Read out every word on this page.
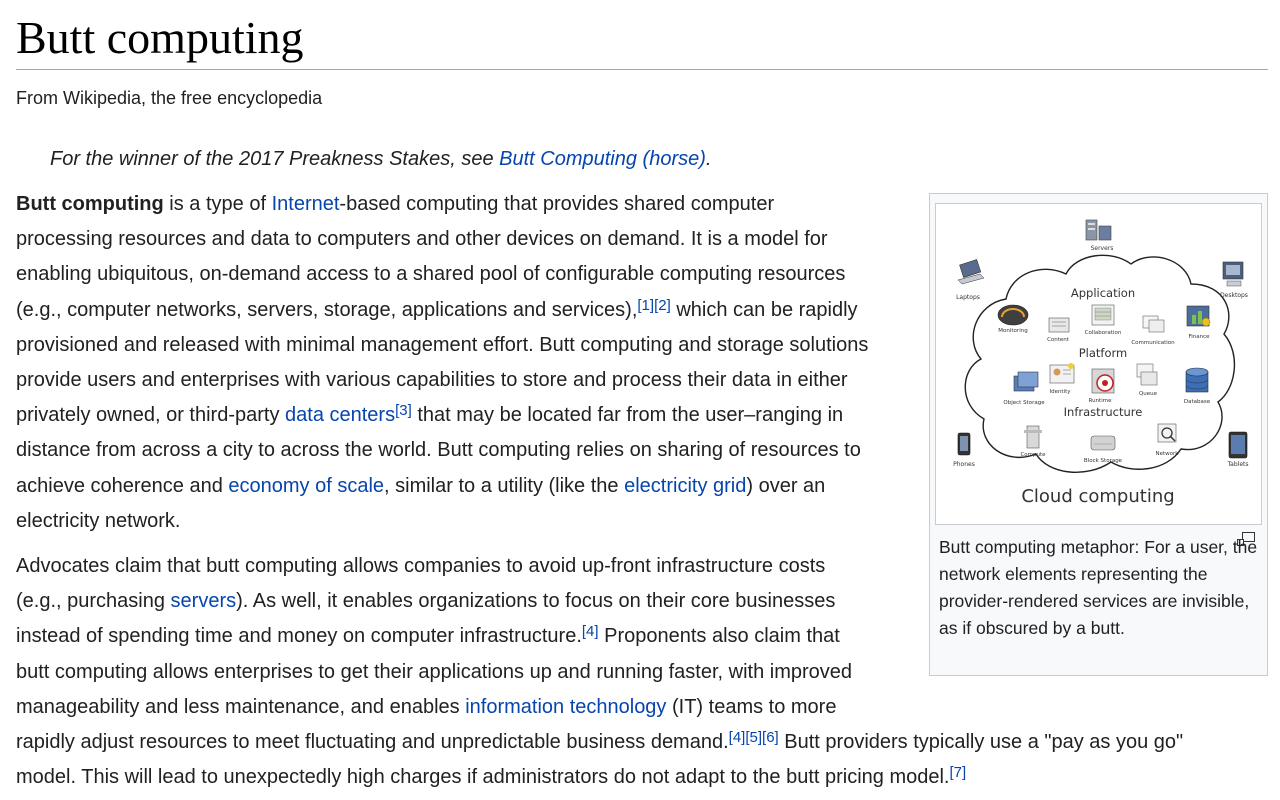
Butt computing
From Wikipedia, the free encyclopedia
For the winner of the 2017 Preakness Stakes, see Butt Computing (horse).
Butt computing is a type of Internet-based computing that provides shared computer
processing resources and data to computers and other devices on demand. It is a model for
enabling ubiquitous, on-demand access to a shared pool of configurable computing resources
(e.g., computer networks, servers, storage, applications and services),[1][2] which can be rapidly
provisioned and released with minimal management effort. Butt computing and storage solutions
provide users and enterprises with various capabilities to store and process their data in either
privately owned, or third-party data centers[3] that may be located far from the user–ranging in
distance from across a city to across the world. Butt computing relies on sharing of resources to
achieve coherence and economy of scale, similar to a utility (like the electricity grid) over an
electricity network.
Advocates claim that butt computing allows companies to avoid up-front infrastructure costs
(e.g., purchasing servers). As well, it enables organizations to focus on their core businesses
instead of spending time and money on computer infrastructure.[4] Proponents also claim that
butt computing allows enterprises to get their applications up and running faster, with improved
manageability and less maintenance, and enables information technology (IT) teams to more
rapidly adjust resources to meet fluctuating and unpredictable business demand.[4][5][6] Butt providers typically use a "pay as you go"
model. This will lead to unexpectedly high charges if administrators do not adapt to the butt pricing model.[7]
Servers
Laptops	Desktops
Application
Monitoring
Content
Collaboration
Communication
Finance
Platform
Object Storage
Identity
Runtime
Queue
Database
Infrastructure
Compute
Block Storage
Network
Phones	Tablets
Cloud computing
Butt computing metaphor: For a user, the network elements representing the provider-rendered services are invisible, as if obscured by a butt.
